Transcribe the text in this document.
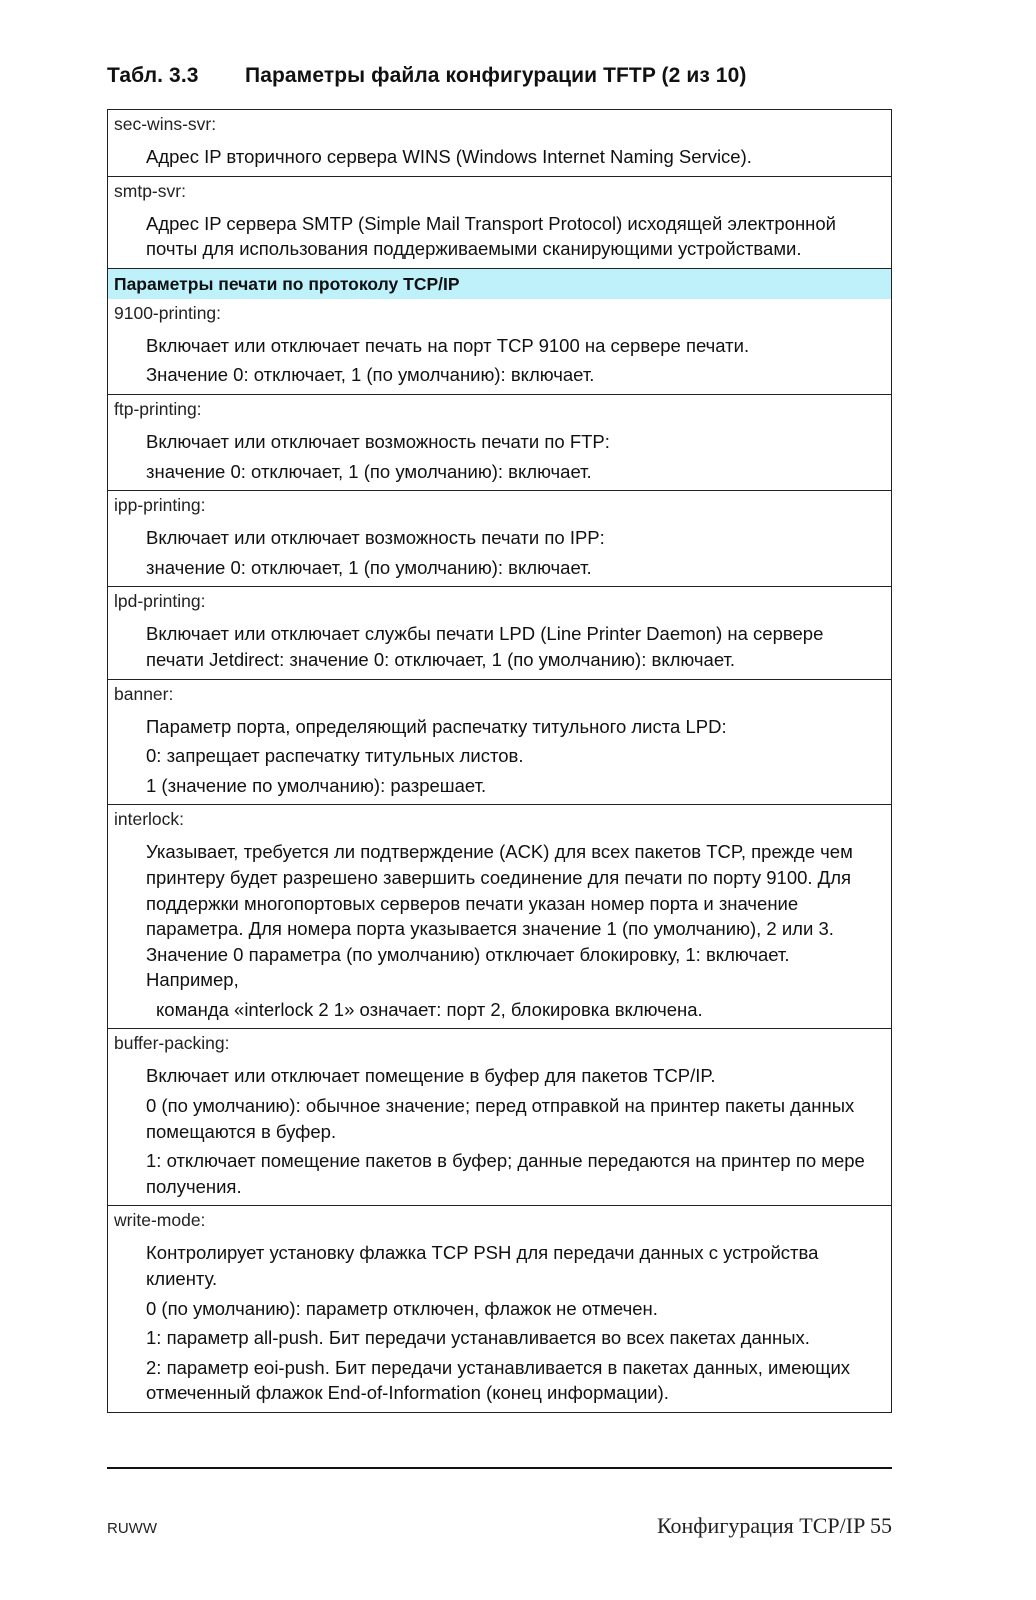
Табл. 3.3 Параметры файла конфигурации TFTP (2 из 10)
sec-wins-svr:
Адрес IP вторичного сервера WINS (Windows Internet Naming Service).
smtp-svr:
Адрес IP сервера SMTP (Simple Mail Transport Protocol) исходящей электронной почты для использования поддерживаемыми сканирующими устройствами.
Параметры печати по протоколу TCP/IP
9100-printing:
Включает или отключает печать на порт TCP 9100 на сервере печати.
Значение 0: отключает, 1 (по умолчанию): включает.
ftp-printing:
Включает или отключает возможность печати по FTP:
значение 0: отключает, 1 (по умолчанию): включает.
ipp-printing:
Включает или отключает возможность печати по IPP:
значение 0: отключает, 1 (по умолчанию): включает.
lpd-printing:
Включает или отключает службы печати LPD (Line Printer Daemon) на сервере печати Jetdirect: значение 0: отключает, 1 (по умолчанию): включает.
banner:
Параметр порта, определяющий распечатку титульного листа LPD:
0: запрещает распечатку титульных листов.
1 (значение по умолчанию): разрешает.
interlock:
Указывает, требуется ли подтверждение (ACK) для всех пакетов TCP, прежде чем принтеру будет разрешено завершить соединение для печати по порту 9100. Для поддержки многопортовых серверов печати указан номер порта и значение параметра. Для номера порта указывается значение 1 (по умолчанию), 2 или 3. Значение 0 параметра (по умолчанию) отключает блокировку, 1: включает. Например,
команда «interlock 2 1» означает: порт 2, блокировка включена.
buffer-packing:
Включает или отключает помещение в буфер для пакетов TCP/IP.
0 (по умолчанию): обычное значение; перед отправкой на принтер пакеты данных помещаются в буфер.
1: отключает помещение пакетов в буфер; данные передаются на принтер по мере получения.
write-mode:
Контролирует установку флажка TCP PSH для передачи данных с устройства клиенту.
0 (по умолчанию): параметр отключен, флажок не отмечен.
1: параметр all-push. Бит передачи устанавливается во всех пакетах данных.
2: параметр eoi-push. Бит передачи устанавливается в пакетах данных, имеющих отмеченный флажок End-of-Information (конец информации).
RUWW	Конфигурация TCP/IP 55
